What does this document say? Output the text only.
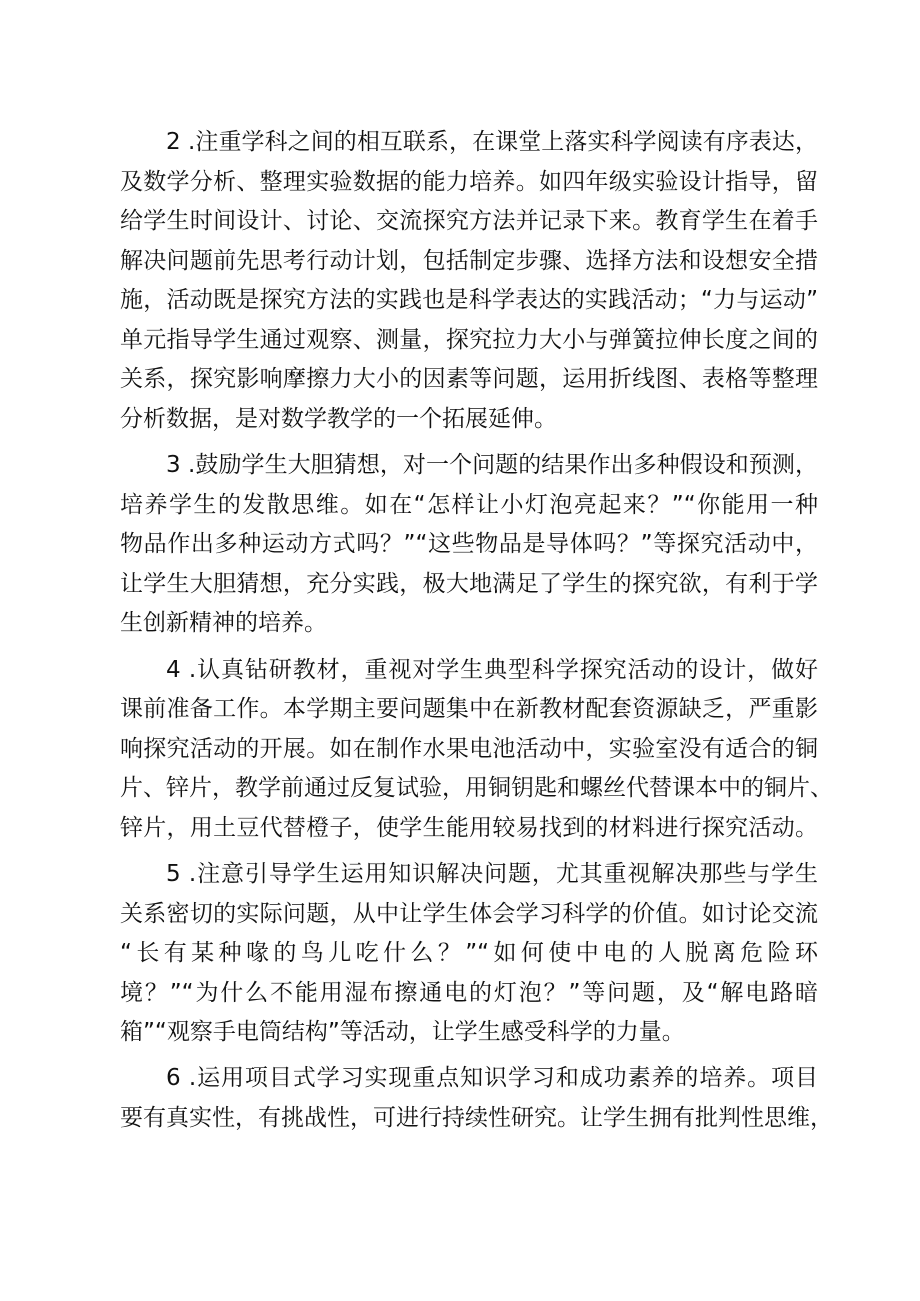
2 .注重学科之间的相互联系，在课堂上落实科学阅读有序表达，
及数学分析、整理实验数据的能力培养。如四年级实验设计指导，留
给学生时间设计、讨论、交流探究方法并记录下来。教育学生在着手
解决问题前先思考行动计划，包括制定步骤、选择方法和设想安全措
施，活动既是探究方法的实践也是科学表达的实践活动；“力与运动”
单元指导学生通过观察、测量，探究拉力大小与弹簧拉伸长度之间的
关系，探究影响摩擦力大小的因素等问题，运用折线图、表格等整理
分析数据，是对数学教学的一个拓展延伸。
3 .鼓励学生大胆猜想，对一个问题的结果作出多种假设和预测，
培养学生的发散思维。如在“怎样让小灯泡亮起来？”“你能用一种
物品作出多种运动方式吗？”“这些物品是导体吗？”等探究活动中，
让学生大胆猜想，充分实践，极大地满足了学生的探究欲，有利于学
生创新精神的培养。
4 .认真钻研教材，重视对学生典型科学探究活动的设计，做好
课前准备工作。本学期主要问题集中在新教材配套资源缺乏，严重影
响探究活动的开展。如在制作水果电池活动中，实验室没有适合的铜
片、锌片，教学前通过反复试验，用铜钥匙和螺丝代替课本中的铜片、
锌片，用土豆代替橙子，使学生能用较易找到的材料进行探究活动。
5 .注意引导学生运用知识解决问题，尤其重视解决那些与学生
关系密切的实际问题，从中让学生体会学习科学的价值。如讨论交流
“长有某种喙的鸟儿吃什么？”“如何使中电的人脱离危险环
境？”“为什么不能用湿布擦通电的灯泡？”等问题，及“解电路暗
箱”“观察手电筒结构”等活动，让学生感受科学的力量。
6 .运用项目式学习实现重点知识学习和成功素养的培养。项目
要有真实性，有挑战性，可进行持续性研究。让学生拥有批判性思维，
